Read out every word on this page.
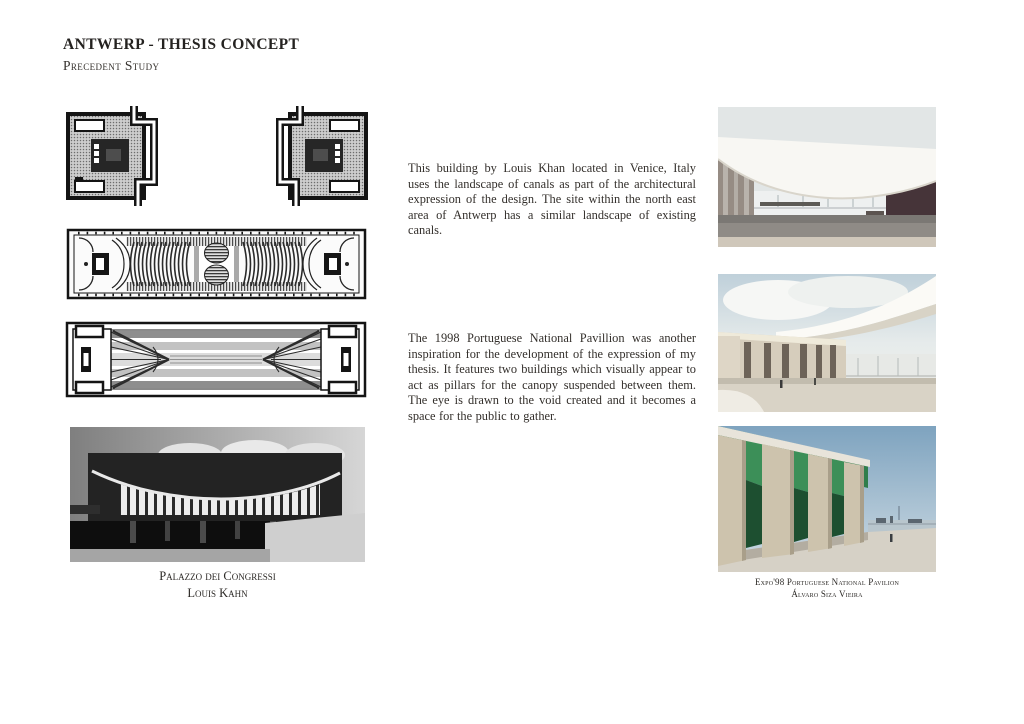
ANTWERP - THESIS CONCEPT
Precedent Study
Palazzo dei Congressi
Louis Kahn
This building by Louis Khan located in Venice, Italy uses the landscape of canals as part of the architectural expression of the design. The site within the north east area of Antwerp has a similar landscape of existing canals.
The 1998 Portuguese National Pavillion was another inspiration for the development of the expression of my thesis. It features two buildings which visually appear to act as pillars for the canopy suspended between them. The eye is drawn to the void created and it becomes a space for the public to gather.
Expo'98 Portuguese National Pavilion
Álvaro Siza Vieira
